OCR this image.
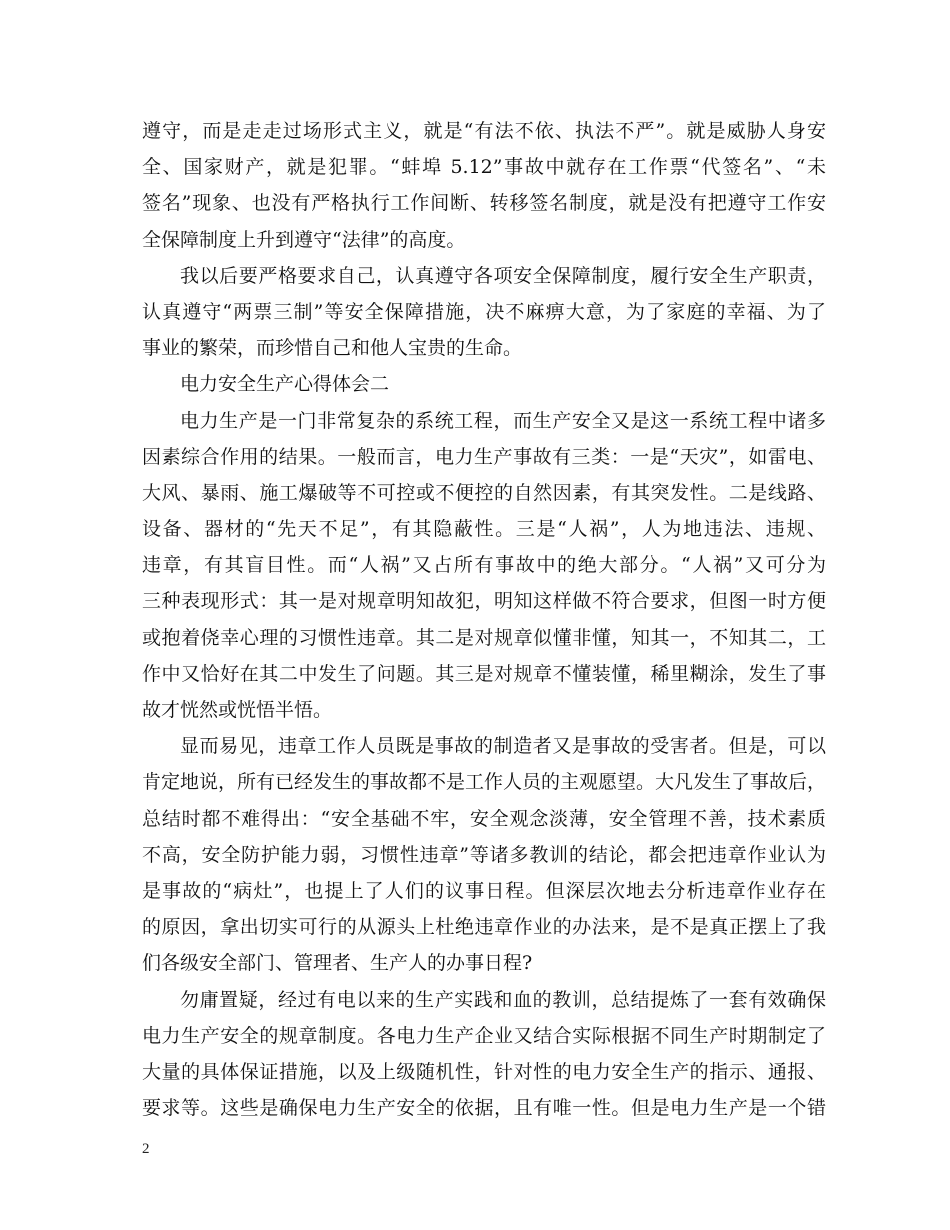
遵守，而是走走过场形式主义，就是“有法不依、执法不严”。就是威胁人身安
全、国家财产，就是犯罪。“蚌埠 5.12”事故中就存在工作票“代签名”、“未
签名”现象、也没有严格执行工作间断、转移签名制度，就是没有把遵守工作安
全保障制度上升到遵守“法律”的高度。
我以后要严格要求自己，认真遵守各项安全保障制度，履行安全生产职责，
认真遵守“两票三制”等安全保障措施，决不麻痹大意，为了家庭的幸福、为了
事业的繁荣，而珍惜自己和他人宝贵的生命。
电力安全生产心得体会二
电力生产是一门非常复杂的系统工程，而生产安全又是这一系统工程中诸多
因素综合作用的结果。一般而言，电力生产事故有三类：一是“天灾”，如雷电、
大风、暴雨、施工爆破等不可控或不便控的自然因素，有其突发性。二是线路、
设备、器材的“先天不足”，有其隐蔽性。三是“人祸”，人为地违法、违规、
违章，有其盲目性。而“人祸”又占所有事故中的绝大部分。“人祸”又可分为
三种表现形式：其一是对规章明知故犯，明知这样做不符合要求，但图一时方便
或抱着侥幸心理的习惯性违章。其二是对规章似懂非懂，知其一，不知其二，工
作中又恰好在其二中发生了问题。其三是对规章不懂装懂，稀里糊涂，发生了事
故才恍然或恍悟半悟。
显而易见，违章工作人员既是事故的制造者又是事故的受害者。但是，可以
肯定地说，所有已经发生的事故都不是工作人员的主观愿望。大凡发生了事故后，
总结时都不难得出：“安全基础不牢，安全观念淡薄，安全管理不善，技术素质
不高，安全防护能力弱，习惯性违章”等诸多教训的结论，都会把违章作业认为
是事故的“病灶”，也提上了人们的议事日程。但深层次地去分析违章作业存在
的原因，拿出切实可行的从源头上杜绝违章作业的办法来，是不是真正摆上了我
们各级安全部门、管理者、生产人的办事日程?
勿庸置疑，经过有电以来的生产实践和血的教训，总结提炼了一套有效确保
电力生产安全的规章制度。各电力生产企业又结合实际根据不同生产时期制定了
大量的具体保证措施，以及上级随机性，针对性的电力安全生产的指示、通报、
要求等。这些是确保电力生产安全的依据，且有唯一性。但是电力生产是一个错
2
